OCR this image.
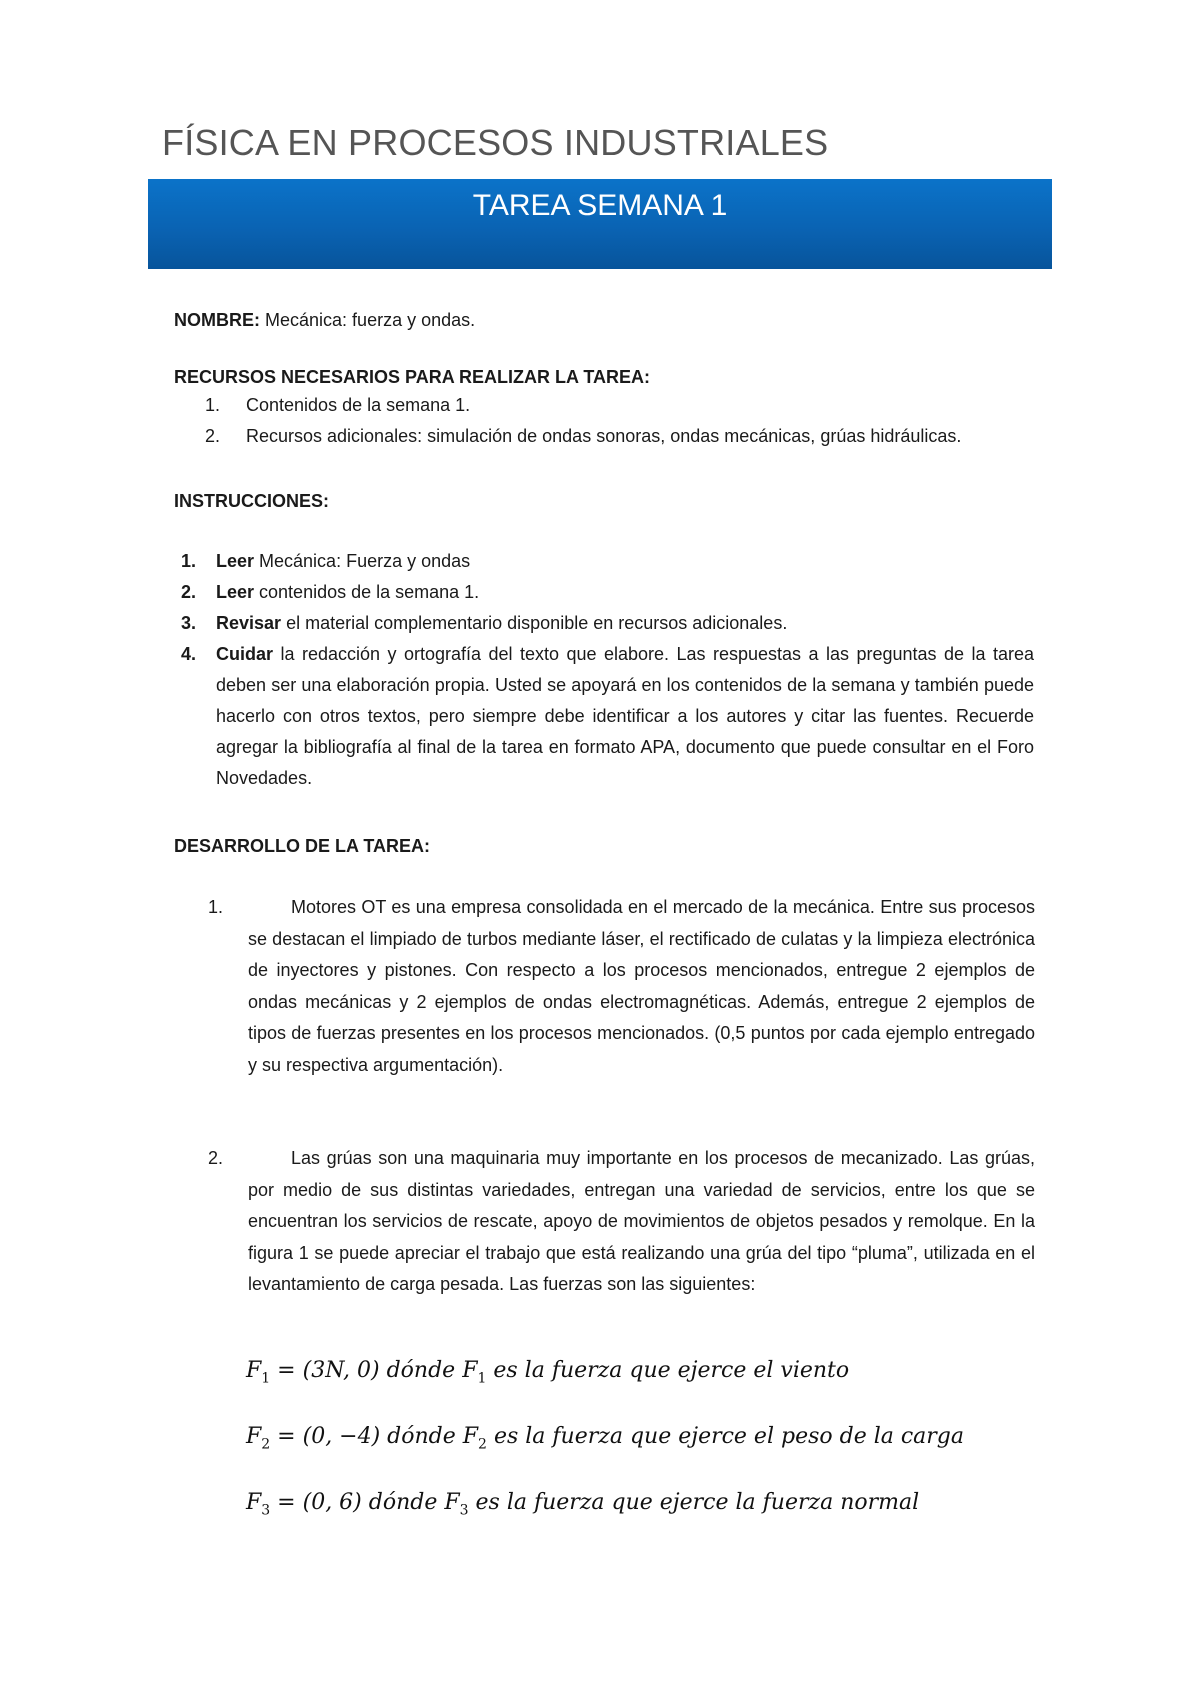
FÍSICA EN PROCESOS INDUSTRIALES
TAREA SEMANA 1
NOMBRE: Mecánica: fuerza y ondas.
RECURSOS NECESARIOS PARA REALIZAR LA TAREA:
1. Contenidos de la semana 1.
2. Recursos adicionales: simulación de ondas sonoras, ondas mecánicas, grúas hidráulicas.
INSTRUCCIONES:
1. Leer Mecánica: Fuerza y ondas
2. Leer contenidos de la semana 1.
3. Revisar el material complementario disponible en recursos adicionales.
4. Cuidar la redacción y ortografía del texto que elabore. Las respuestas a las preguntas de la tarea deben ser una elaboración propia. Usted se apoyará en los contenidos de la semana y también puede hacerlo con otros textos, pero siempre debe identificar a los autores y citar las fuentes. Recuerde agregar la bibliografía al final de la tarea en formato APA, documento que puede consultar en el Foro Novedades.
DESARROLLO DE LA TAREA:
1.	Motores OT es una empresa consolidada en el mercado de la mecánica. Entre sus procesos se destacan el limpiado de turbos mediante láser, el rectificado de culatas y la limpieza electrónica de inyectores y pistones. Con respecto a los procesos mencionados, entregue 2 ejemplos de ondas mecánicas y 2 ejemplos de ondas electromagnéticas. Además, entregue 2 ejemplos de tipos de fuerzas presentes en los procesos mencionados. (0,5 puntos por cada ejemplo entregado y su respectiva argumentación).
2.	Las grúas son una maquinaria muy importante en los procesos de mecanizado. Las grúas, por medio de sus distintas variedades, entregan una variedad de servicios, entre los que se encuentran los servicios de rescate, apoyo de movimientos de objetos pesados y remolque. En la figura 1 se puede apreciar el trabajo que está realizando una grúa del tipo “pluma”, utilizada en el levantamiento de carga pesada. Las fuerzas son las siguientes:
$F_1 = (3N$, 0) dónde $F_1$ es la fuerza que ejerce el viento
$F_2 = (0$, −4) dónde $F_2$ es la fuerza que ejerce el peso de la carga
$F_3 = (0$, 6) dónde $F_3$ es la fuerza que ejerce la fuerza normal
